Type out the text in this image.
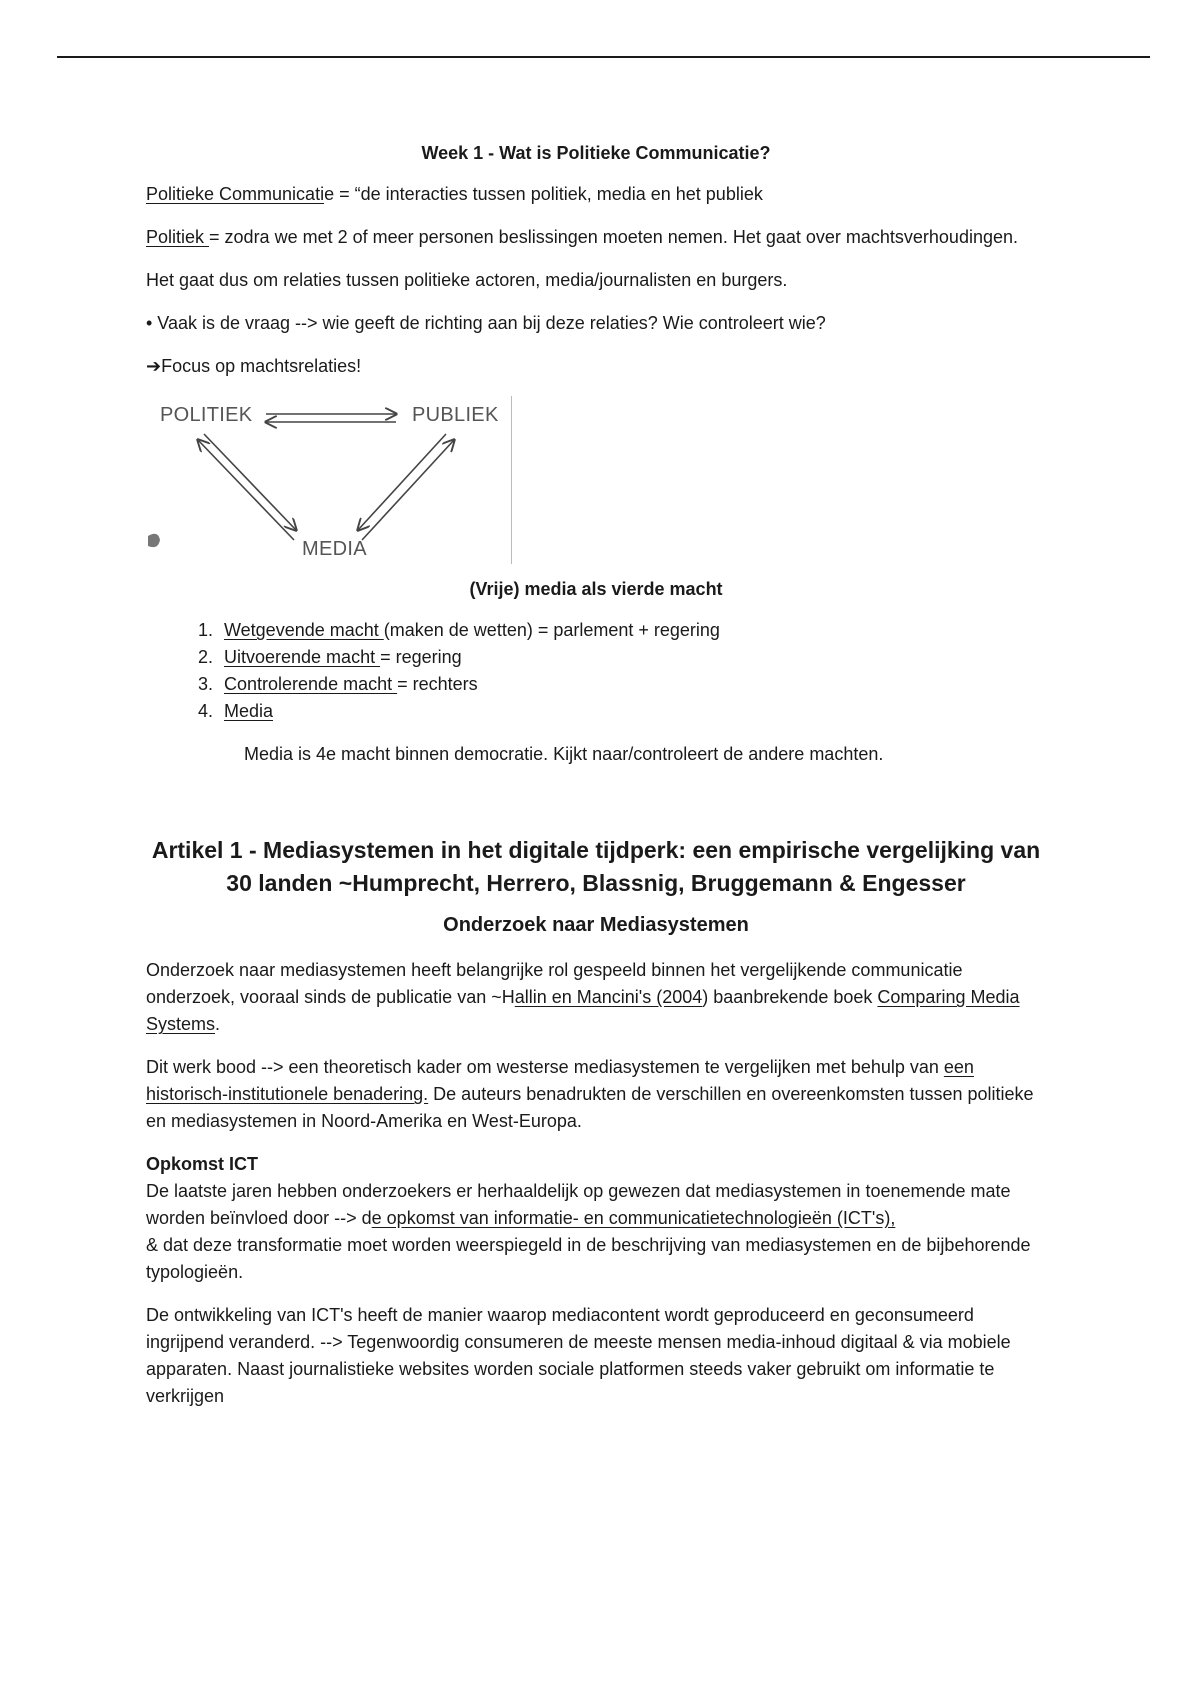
Week 1 - Wat is Politieke Communicatie?

Politieke Communicatie = “de interacties tussen politiek, media en het publiek

Politiek = zodra we met 2 of meer personen beslissingen moeten nemen. Het gaat over machtsverhoudingen.

Het gaat dus om relaties tussen politieke actoren, media/journalisten en burgers.

• Vaak is de vraag --> wie geeft de richting aan bij deze relaties? Wie controleert wie?

➔Focus op machtsrelaties!

POLITIEK	PUBLIEK
MEDIA
(Vrije) media als vierde macht
1. Wetgevende macht (maken de wetten) = parlement + regering
2. Uitvoerende macht = regering
3. Controlerende macht = rechters
4. Media
Media is 4e macht binnen democratie. Kijkt naar/controleert de andere machten.
Artikel 1 - Mediasystemen in het digitale tijdperk: een empirische vergelijking van 30 landen ~Humprecht, Herrero, Blassnig, Bruggemann & Engesser
Onderzoek naar Mediasystemen

Onderzoek naar mediasystemen heeft belangrijke rol gespeeld binnen het vergelijkende communicatie onderzoek, vooraal sinds de publicatie van ~Hallin en Mancini's (2004) baanbrekende boek Comparing Media Systems.

Dit werk bood --> een theoretisch kader om westerse mediasystemen te vergelijken met behulp van een historisch-institutionele benadering. De auteurs benadrukten de verschillen en overeenkomsten tussen politieke en mediasystemen in Noord-Amerika en West-Europa.

Opkomst ICT
De laatste jaren hebben onderzoekers er herhaaldelijk op gewezen dat mediasystemen in toenemende mate worden beïnvloed door --> de opkomst van informatie- en communicatietechnologieën (ICT's),
& dat deze transformatie moet worden weerspiegeld in de beschrijving van mediasystemen en de bijbehorende typologieën.

De ontwikkeling van ICT's heeft de manier waarop mediacontent wordt geproduceerd en geconsumeerd ingrijpend veranderd. --> Tegenwoordig consumeren de meeste mensen media-inhoud digitaal & via mobiele apparaten. Naast journalistieke websites worden sociale platformen steeds vaker gebruikt om informatie te verkrijgen
